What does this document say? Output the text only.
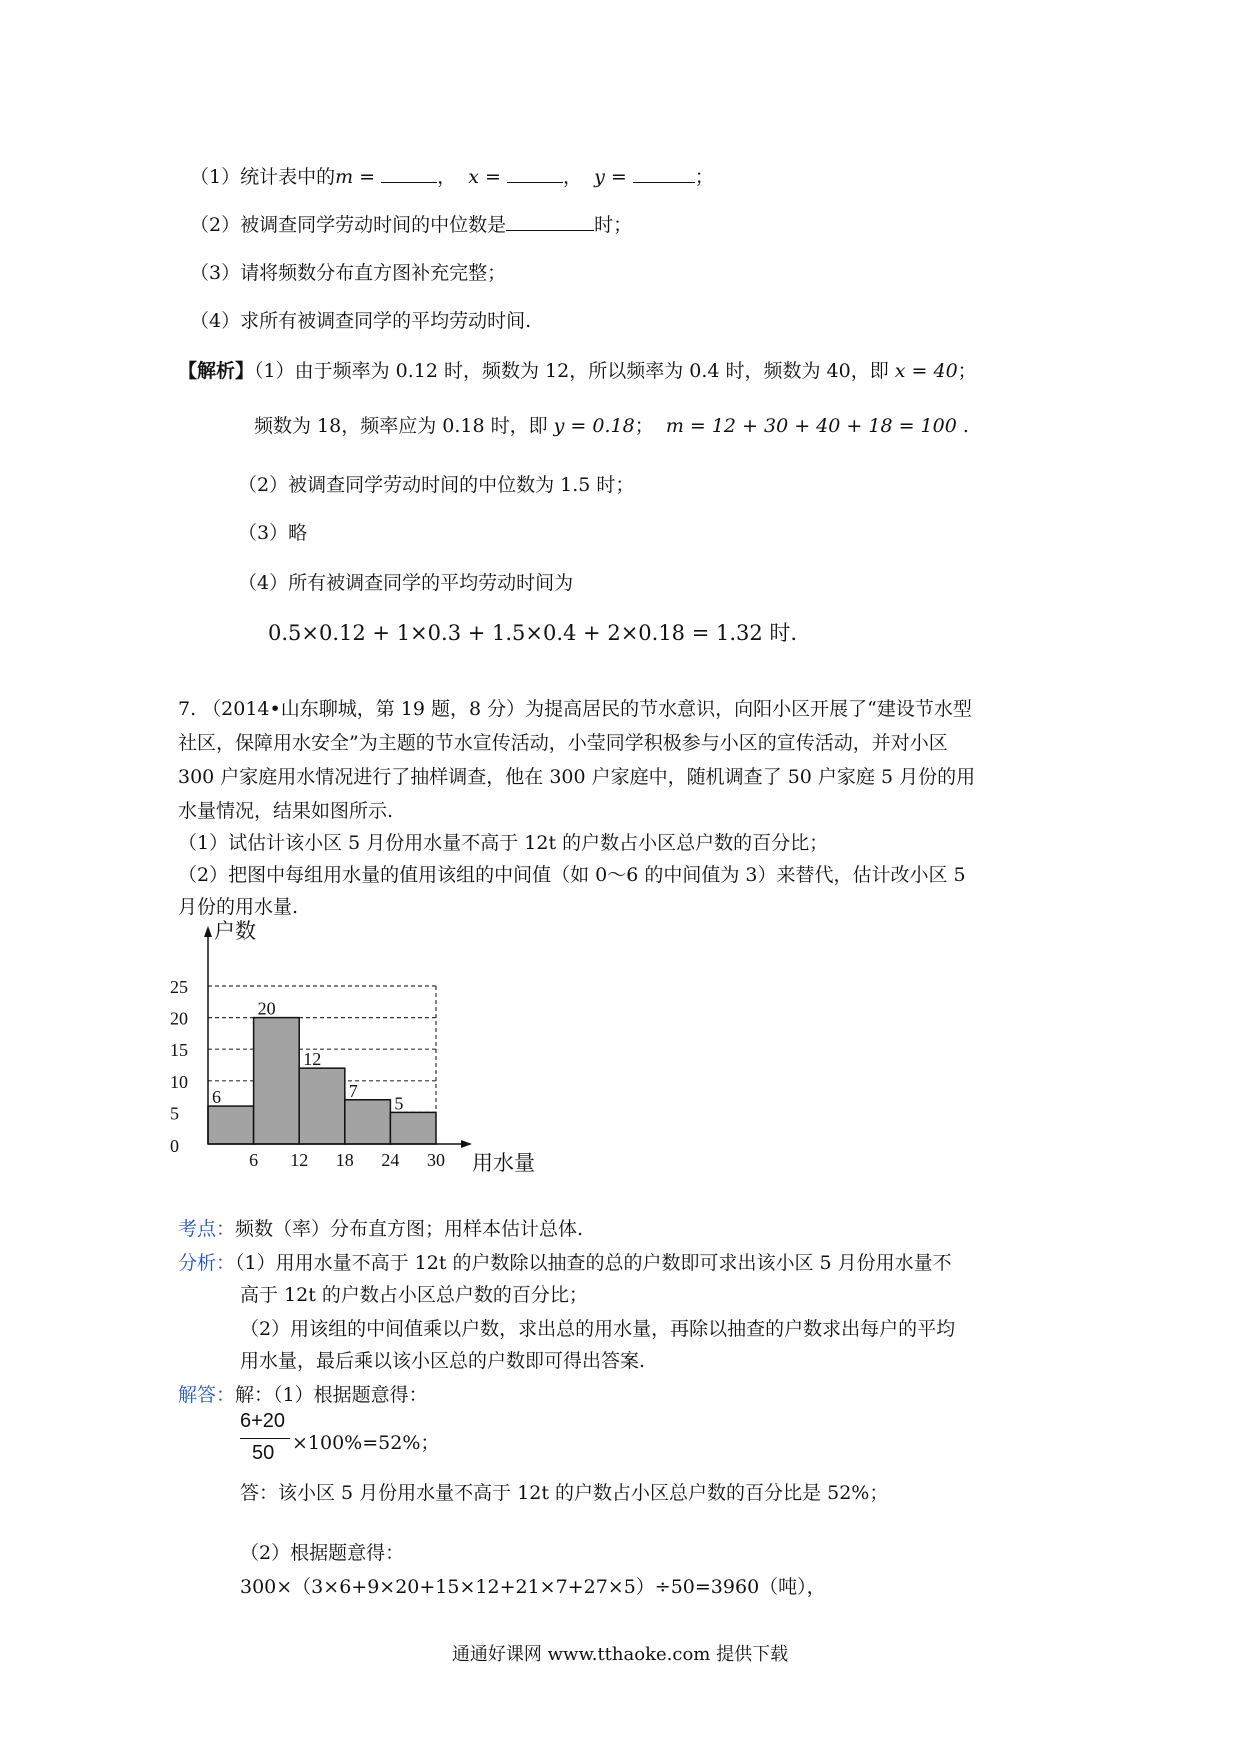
（1）统计表中的m =	， x =	， y =	；
（2）被调查同学劳动时间的中位数是	时；
（3）请将频数分布直方图补充完整；
（4）求所有被调查同学的平均劳动时间.
【解析】（1）由于频率为 0.12 时，频数为 12，所以频率为 0.4 时，频数为 40，即 x = 40；
频数为 18，频率应为 0.18 时，即 y = 0.18； m = 12 + 30 + 40 + 18 = 100 .
（2）被调查同学劳动时间的中位数为 1.5 时；
（3）略
（4）所有被调查同学的平均劳动时间为
0.5×0.12 + 1×0.3 + 1.5×0.4 + 2×0.18 = 1.32 时.
7. （2014•山东聊城，第 19 题，8 分）为提高居民的节水意识，向阳小区开展了“建设节水型
社区，保障用水安全”为主题的节水宣传活动，小莹同学积极参与小区的宣传活动，并对小区
300 户家庭用水情况进行了抽样调查，他在 300 户家庭中，随机调查了 50 户家庭 5 月份的用
水量情况，结果如图所示.
（1）试估计该小区 5 月份用水量不高于 12t 的户数占小区总户数的百分比；
（2）把图中每组用水量的值用该组的中间值（如 0～6 的中间值为 3）来替代，估计改小区 5
月份的用水量.
6
20
12
7
5
0
5
10
15
20
25
6 12 18 24 30
户数
用水量
考点：频数（率）分布直方图；用样本估计总体.
分析：（1）用用水量不高于 12t 的户数除以抽查的总的户数即可求出该小区 5 月份用水量不
高于 12t 的户数占小区总户数的百分比；
（2）用该组的中间值乘以户数，求出总的用水量，再除以抽查的户数求出每户的平均
用水量，最后乘以该小区总的户数即可得出答案.
解答：解：（1）根据题意得：
6+20
50 ×100%=52%；
答：该小区 5 月份用水量不高于 12t 的户数占小区总户数的百分比是 52%；
（2）根据题意得：
300×（3×6+9×20+15×12+21×7+27×5）÷50=3960（吨），
通通好课网 www.tthaoke.com 提供下载
